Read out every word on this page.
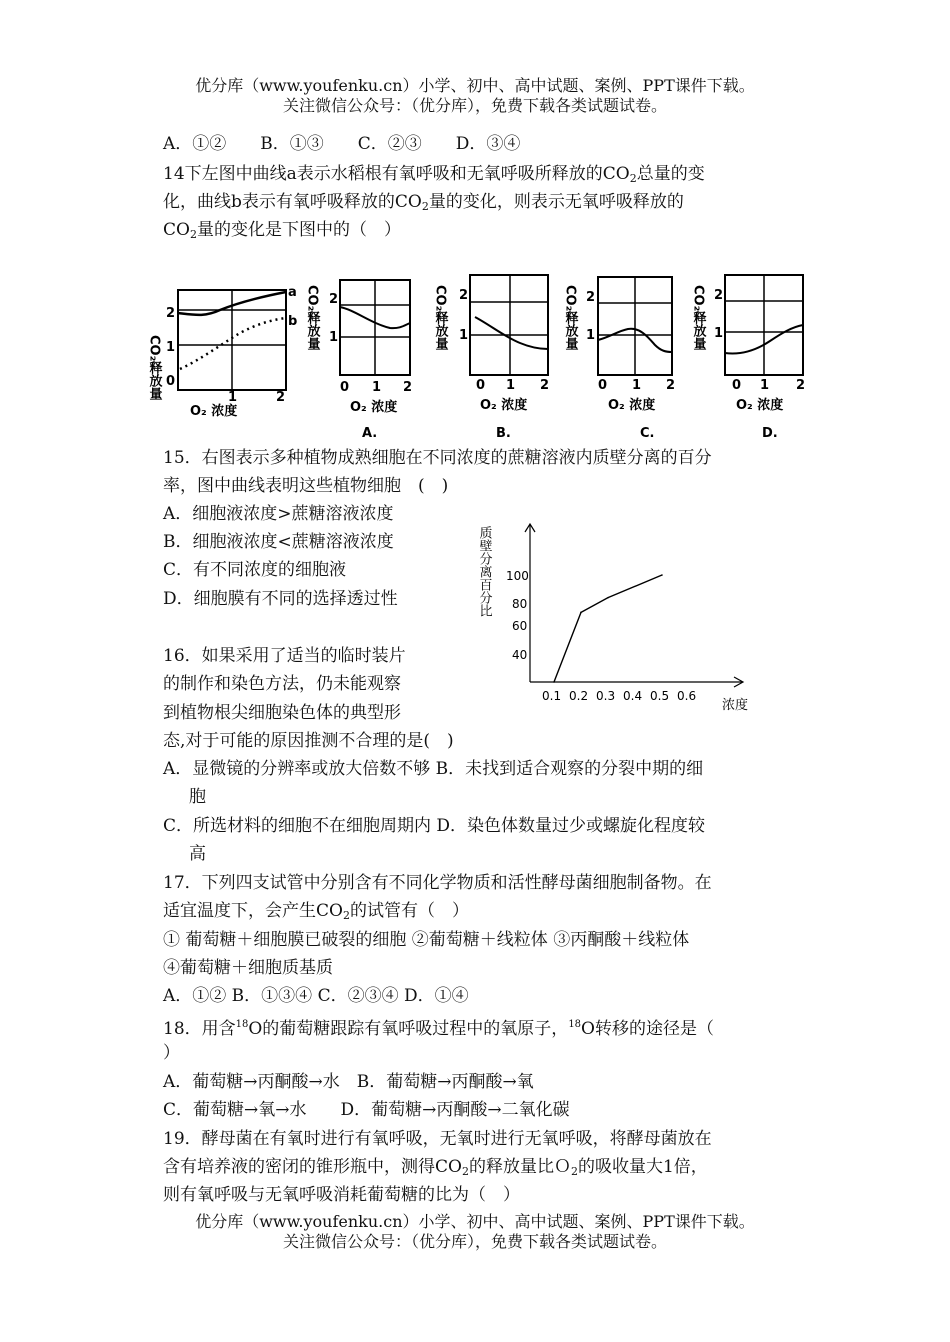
优分库（www.youfenku.cn）小学、初中、高中试题、案例、PPT课件下载。
关注微信公众号：（优分库），免费下载各类试题试卷。
A．①②　　B．①③　　C．②③　　D．③④
14下左图中曲线a表示水稻根有氧呼吸和无氧呼吸所释放的$CO_2$总量的变
化，曲线b表示有氧呼吸释放的$CO_2$量的变化，则表示无氧呼吸释放的
$CO_2$量的变化是下图中的（　）
CO₂释放量
a
b
2
1
0
1	2
O₂ 浓度
CO₂释放量 2
1
0 1 2
O₂ 浓度
A.
CO₂释放量 2
1
0 1 2
O₂ 浓度
B.
CO₂释放量 2
1
0 1 2
O₂ 浓度
C.
CO₂释放量 2
1
0 1 2
O₂ 浓度
D.
15．右图表示多种植物成熟细胞在不同浓度的蔗糖溶液内质壁分离的百分
率，图中曲线表明这些植物细胞　(　)
A．细胞液浓度>蔗糖溶液浓度
B．细胞液浓度<蔗糖溶液浓度
C．有不同浓度的细胞液
D．细胞膜有不同的选择透过性	质壁分离百分比 100
80
60
40
0.1 0.2 0.3 0.4 0.5 0.6
浓度
16．如果采用了适当的临时装片
的制作和染色方法，仍未能观察
到植物根尖细胞染色体的典型形
态,对于可能的原因推测不合理的是(　)
A．显微镜的分辨率或放大倍数不够 B．未找到适合观察的分裂中期的细
胞
C．所选材料的细胞不在细胞周期内 D．染色体数量过少或螺旋化程度较
高
17．下列四支试管中分别含有不同化学物质和活性酵母菌细胞制备物。在
适宜温度下，会产生$CO_2$的试管有（　）
① 葡萄糖＋细胞膜已破裂的细胞 ②葡萄糖＋线粒体 ③丙酮酸＋线粒体
④葡萄糖＋细胞质基质
A．①② B．①③④ C．②③④ D．①④
18．用含$^{18}$O的葡萄糖跟踪有氧呼吸过程中的氧原子，$^{18}$O转移的途径是（
）
A．葡萄糖→丙酮酸→水　B．葡萄糖→丙酮酸→氧
C．葡萄糖→氧→水　　D．葡萄糖→丙酮酸→二氧化碳
19．酵母菌在有氧时进行有氧呼吸，无氧时进行无氧呼吸，将酵母菌放在
含有培养液的密闭的锥形瓶中，测得$CO_2$的释放量比Ｏ$_2$的吸收量大1倍，
则有氧呼吸与无氧呼吸消耗葡萄糖的比为（　）
优分库（www.youfenku.cn）小学、初中、高中试题、案例、PPT课件下载。
关注微信公众号：（优分库），免费下载各类试题试卷。
